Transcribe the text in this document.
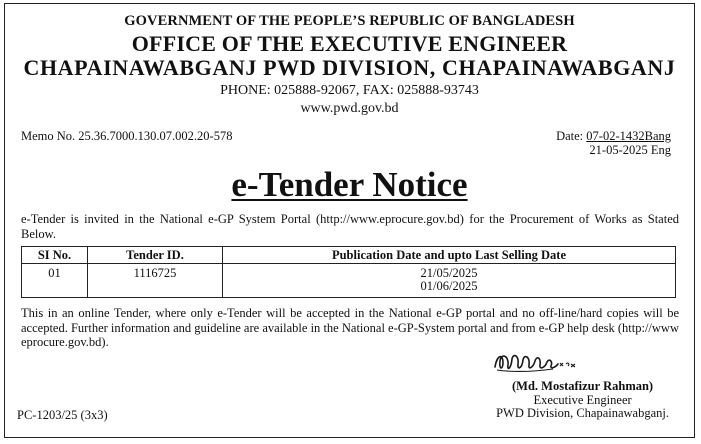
GOVERNMENT OF THE PEOPLE’S REPUBLIC OF BANGLADESH
OFFICE OF THE EXECUTIVE ENGINEER
CHAPAINAWABGANJ PWD DIVISION, CHAPAINAWABGANJ
PHONE: 025888-92067, FAX: 025888-93743
www.pwd.gov.bd
Memo No. 25.36.7000.130.07.002.20-578	Date: 07-02-1432Bang
21-05-2025 Eng
e-Tender Notice
e-Tender is invited in the National e-GP System Portal (http://www.eprocure.gov.bd) for the Procurement of Works as Stated Below.
SI No.	Tender ID.	Publication Date and upto Last Selling Date
01	1116725	21/05/2025
01/06/2025
This in an online Tender, where only e-Tender will be accepted in the National e-GP portal and no off-line/hard copies will be accepted. Further information and guideline are available in the National e-GP-System portal and from e-GP help desk (http://www eprocure.gov.bd).
(Md. Mostafizur Rahman)
Executive Engineer
PWD Division, Chapainawabganj.
PC-1203/25 (3x3)
